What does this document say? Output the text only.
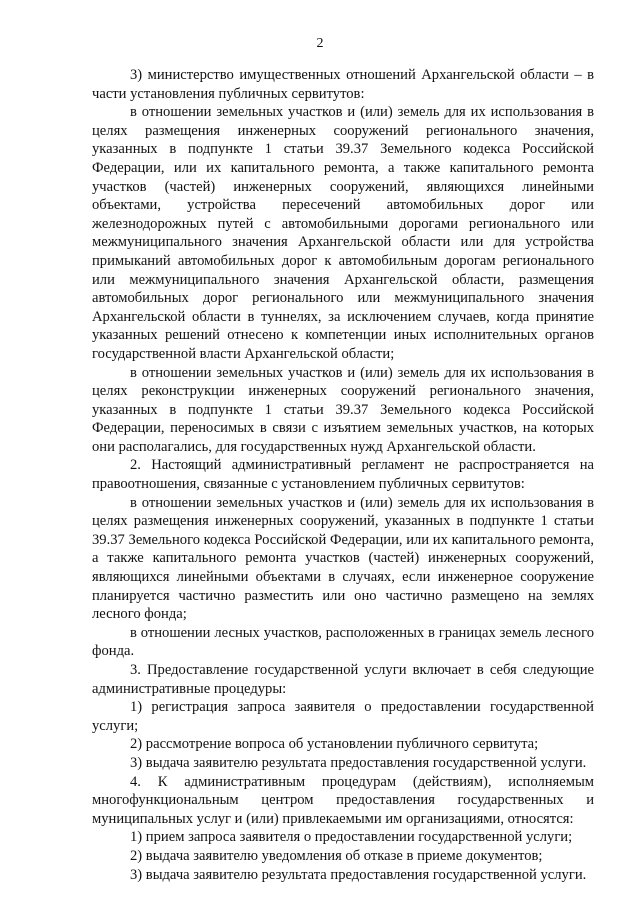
2

3) министерство имущественных отношений Архангельской области – в части установления публичных сервитутов:

в отношении земельных участков и (или) земель для их использования в целях размещения инженерных сооружений регионального значения, указанных в подпункте 1 статьи 39.37 Земельного кодекса Российской Федерации, или их капитального ремонта, а также капитального ремонта участков (частей) инженерных сооружений, являющихся линейными объектами, устройства пересечений автомобильных дорог или железнодорожных путей с автомобильными дорогами регионального или межмуниципального значения Архангельской области или для устройства примыканий автомобильных дорог к автомобильным дорогам регионального или межмуниципального значения Архангельской области, размещения автомобильных дорог регионального или межмуниципального значения Архангельской области в туннелях, за исключением случаев, когда принятие указанных решений отнесено к компетенции иных исполнительных органов государственной власти Архангельской области;

в отношении земельных участков и (или) земель для их использования в целях реконструкции инженерных сооружений регионального значения, указанных в подпункте 1 статьи 39.37 Земельного кодекса Российской Федерации, переносимых в связи с изъятием земельных участков, на которых они располагались, для государственных нужд Архангельской области.

2. Настоящий административный регламент не распространяется на правоотношения, связанные с установлением публичных сервитутов:

в отношении земельных участков и (или) земель для их использования в целях размещения инженерных сооружений, указанных в подпункте 1 статьи 39.37 Земельного кодекса Российской Федерации, или их капитального ремонта, а также капитального ремонта участков (частей) инженерных сооружений, являющихся линейными объектами в случаях, если инженерное сооружение планируется частично разместить или оно частично размещено на землях лесного фонда;

в отношении лесных участков, расположенных в границах земель лесного фонда.

3. Предоставление государственной услуги включает в себя следующие административные процедуры:

1) регистрация запроса заявителя о предоставлении государственной услуги;

2) рассмотрение вопроса об установлении публичного сервитута;

3) выдача заявителю результата предоставления государственной услуги.

4. К административным процедурам (действиям), исполняемым многофункциональным центром предоставления государственных и муниципальных услуг и (или) привлекаемыми им организациями, относятся:

1) прием запроса заявителя о предоставлении государственной услуги;

2) выдача заявителю уведомления об отказе в приеме документов;

3) выдача заявителю результата предоставления государственной услуги.
